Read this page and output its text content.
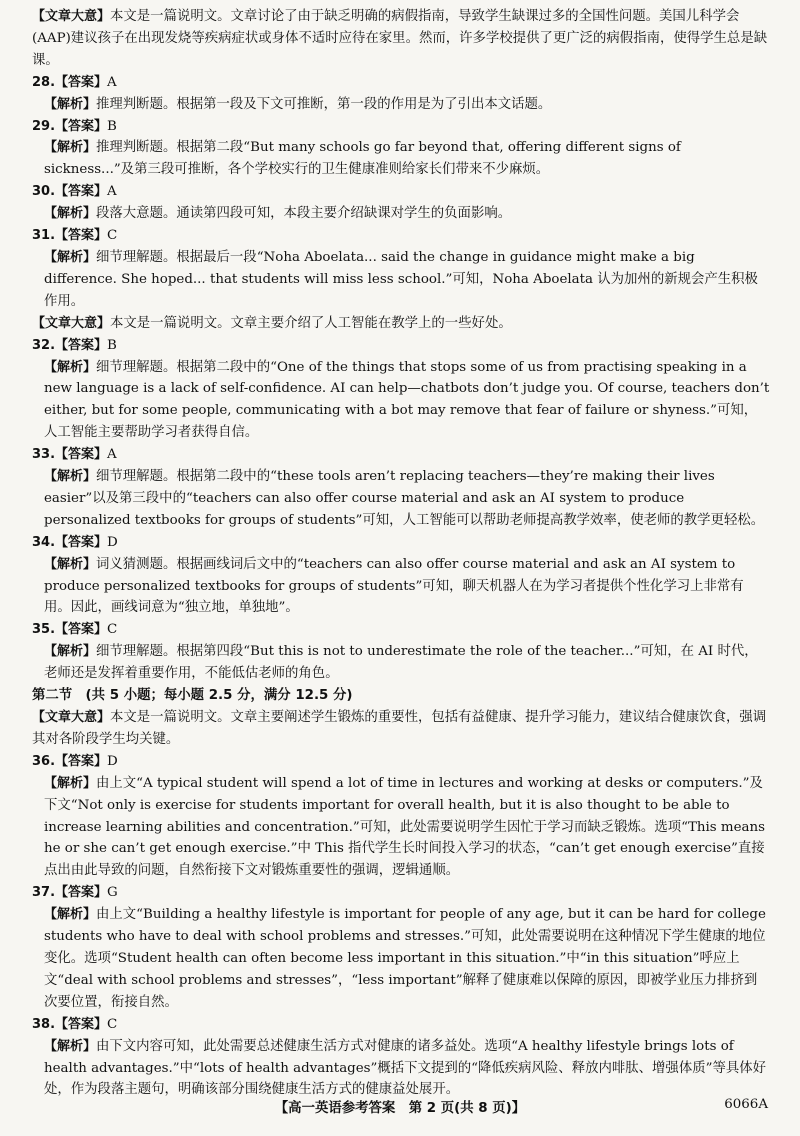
【文章大意】本文是一篇说明文。文章讨论了由于缺乏明确的病假指南，导致学生缺课过多的全国性问题。美国儿科学会(AAP)建议孩子在出现发烧等疾病症状或身体不适时应待在家里。然而，许多学校提供了更广泛的病假指南，使得学生总是缺课。

28.【答案】A

【解析】推理判断题。根据第一段及下文可推断，第一段的作用是为了引出本文话题。

29.【答案】B

【解析】推理判断题。根据第二段“But many schools go far beyond that, offering different signs of sickness...”及第三段可推断，各个学校实行的卫生健康准则给家长们带来不少麻烦。

30.【答案】A

【解析】段落大意题。通读第四段可知，本段主要介绍缺课对学生的负面影响。

31.【答案】C

【解析】细节理解题。根据最后一段“Noha Aboelata... said the change in guidance might make a big difference. She hoped... that students will miss less school.”可知，Noha Aboelata 认为加州的新规会产生积极作用。

【文章大意】本文是一篇说明文。文章主要介绍了人工智能在教学上的一些好处。

32.【答案】B

【解析】细节理解题。根据第二段中的“One of the things that stops some of us from practising speaking in a new language is a lack of self-confidence. AI can help—chatbots don’t judge you. Of course, teachers don’t either, but for some people, communicating with a bot may remove that fear of failure or shyness.”可知，人工智能主要帮助学习者获得自信。

33.【答案】A

【解析】细节理解题。根据第二段中的“these tools aren’t replacing teachers—they’re making their lives easier”以及第三段中的“teachers can also offer course material and ask an AI system to produce personalized textbooks for groups of students”可知，人工智能可以帮助老师提高教学效率，使老师的教学更轻松。

34.【答案】D

【解析】词义猜测题。根据画线词后文中的“teachers can also offer course material and ask an AI system to produce personalized textbooks for groups of students”可知，聊天机器人在为学习者提供个性化学习上非常有用。因此，画线词意为“独立地，单独地”。

35.【答案】C

【解析】细节理解题。根据第四段“But this is not to underestimate the role of the teacher...”可知，在 AI 时代，老师还是发挥着重要作用，不能低估老师的角色。

第二节　(共 5 小题；每小题 2.5 分，满分 12.5 分)

【文章大意】本文是一篇说明文。文章主要阐述学生锻炼的重要性，包括有益健康、提升学习能力，建议结合健康饮食，强调其对各阶段学生均关键。

36.【答案】D

【解析】由上文“A typical student will spend a lot of time in lectures and working at desks or computers.”及下文“Not only is exercise for students important for overall health, but it is also thought to be able to increase learning abilities and concentration.”可知，此处需要说明学生因忙于学习而缺乏锻炼。选项“This means he or she can’t get enough exercise.”中 This 指代学生长时间投入学习的状态，“can’t get enough exercise”直接点出由此导致的问题，自然衔接下文对锻炼重要性的强调，逻辑通顺。

37.【答案】G

【解析】由上文“Building a healthy lifestyle is important for people of any age, but it can be hard for college students who have to deal with school problems and stresses.”可知，此处需要说明在这种情况下学生健康的地位变化。选项“Student health can often become less important in this situation.”中“in this situation”呼应上文“deal with school problems and stresses”，“less important”解释了健康难以保障的原因，即被学业压力排挤到次要位置，衔接自然。

38.【答案】C

【解析】由下文内容可知，此处需要总述健康生活方式对健康的诸多益处。选项“A healthy lifestyle brings lots of health advantages.”中“lots of health advantages”概括下文提到的“降低疾病风险、释放内啡肽、增强体质”等具体好处，作为段落主题句，明确该部分围绕健康生活方式的健康益处展开。

【高一英语参考答案　第 2 页(共 8 页)】	6066A
